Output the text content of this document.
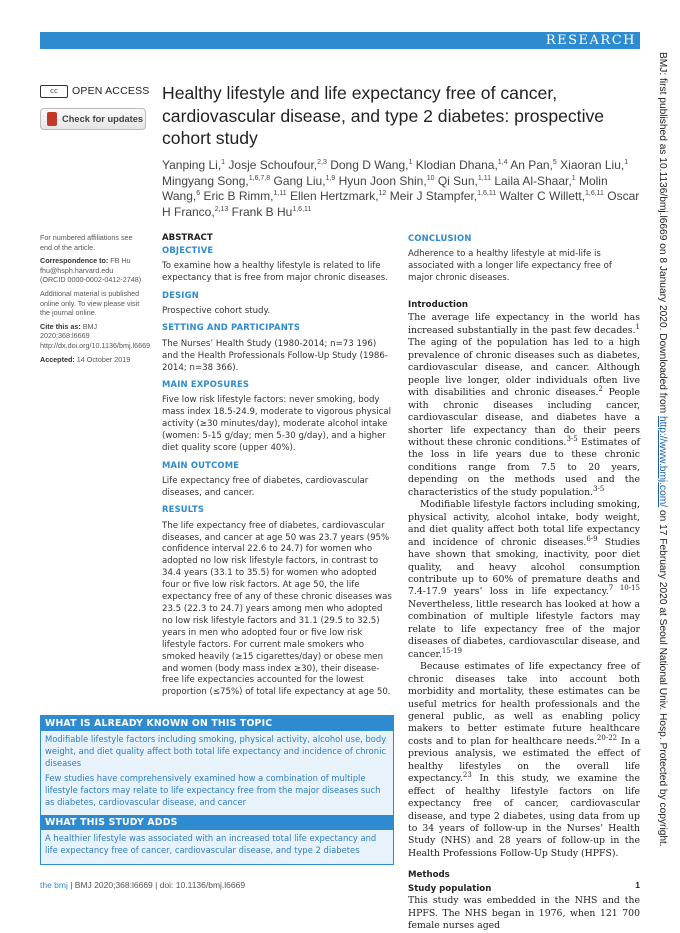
RESEARCH
BMJ: first published as 10.1136/bmj.l6669 on 8 January 2020. Downloaded from http://www.bmj.com/ on 17 February 2020 at Seoul National Univ. Hosp. Protected by copyright.
cc	OPEN ACCESS
Check for updates
Healthy lifestyle and life expectancy free of cancer, cardiovascular disease, and type 2 diabetes: prospective cohort study
Yanping Li,$^1$ Josje Schoufour,$^{2,3}$ Dong D Wang,$^1$ Klodian Dhana,$^{1,4}$ An Pan,$^5$ Xiaoran Liu,$^1$ Mingyang Song,$^{1,6,7,8}$ Gang Liu,$^{1,9}$ Hyun Joon Shin,$^{10}$ Qi Sun,$^{1,11}$ Laila Al-Shaar,$^1$ Molin Wang,$^6$ Eric B Rimm,$^{1,11}$ Ellen Hertzmark,$^{12}$ Meir J Stampfer,$^{1,6,11}$ Walter C Willett,$^{1,6,11}$ Oscar H Franco,$^{2,13}$ Frank B Hu$^{1,6,11}$

For numbered affiliations see end of the article.

Correspondence to: FB Hu
fhu@hsph.harvard.edu
(ORCID 0000-0002-0412-2748)

Additional material is published online only. To view please visit the journal online.

Cite this as: BMJ 2020;368:l6669
http://dx.doi.org/10.1136/bmj.l6669

Accepted: 14 October 2019

ABSTRACT

OBJECTIVE

To examine how a healthy lifestyle is related to life expectancy that is free from major chronic diseases.

DESIGN

Prospective cohort study.

SETTING AND PARTICIPANTS

The Nurses’ Health Study (1980-2014; n=73 196) and the Health Professionals Follow-Up Study (1986-2014; n=38 366).

MAIN EXPOSURES

Five low risk lifestyle factors: never smoking, body mass index 18.5-24.9, moderate to vigorous physical activity (≥30 minutes/day), moderate alcohol intake (women: 5-15 g/day; men 5-30 g/day), and a higher diet quality score (upper 40%).

MAIN OUTCOME

Life expectancy free of diabetes, cardiovascular diseases, and cancer.

RESULTS

The life expectancy free of diabetes, cardiovascular diseases, and cancer at age 50 was 23.7 years (95% confidence interval 22.6 to 24.7) for women who adopted no low risk lifestyle factors, in contrast to 34.4 years (33.1 to 35.5) for women who adopted four or five low risk factors. At age 50, the life expectancy free of any of these chronic diseases was 23.5 (22.3 to 24.7) years among men who adopted no low risk lifestyle factors and 31.1 (29.5 to 32.5) years in men who adopted four or five low risk lifestyle factors. For current male smokers who smoked heavily (≥15 cigarettes/day) or obese men and women (body mass index ≥30), their disease-free life expectancies accounted for the lowest proportion (≤75%) of total life expectancy at age 50.

CONCLUSION

Adherence to a healthy lifestyle at mid-life is associated with a longer life expectancy free of major chronic diseases.

Introduction

The average life expectancy in the world has increased substantially in the past few decades.$^1$ The aging of the population has led to a high prevalence of chronic diseases such as diabetes, cardiovascular disease, and cancer. Although people live longer, older individuals often live with disabilities and chronic diseases.$^2$ People with chronic diseases including cancer, cardiovascular disease, and diabetes have a shorter life expectancy than do their peers without these chronic conditions.$^{3-5}$ Estimates of the loss in life years due to these chronic conditions range from 7.5 to 20 years, depending on the methods used and the characteristics of the study population.$^{3-5}$

Modifiable lifestyle factors including smoking, physical activity, alcohol intake, body weight, and diet quality affect both total life expectancy and incidence of chronic diseases.$^{6-9}$ Studies have shown that smoking, inactivity, poor diet quality, and heavy alcohol consumption contribute up to 60% of premature deaths and 7.4-17.9 years’ loss in life expectancy.$^{7 10-15}$ Nevertheless, little research has looked at how a combination of multiple lifestyle factors may relate to life expectancy free of the major diseases of diabetes, cardiovascular disease, and cancer.$^{15-19}$

Because estimates of life expectancy free of chronic diseases take into account both morbidity and mortality, these estimates can be useful metrics for health professionals and the general public, as well as enabling policy makers to better estimate future healthcare costs and to plan for healthcare needs.$^{20-22}$ In a previous analysis, we estimated the effect of healthy lifestyles on the overall life expectancy.$^{23}$ In this study, we examine the effect of healthy lifestyle factors on life expectancy free of cancer, cardiovascular disease, and type 2 diabetes, using data from up to 34 years of follow-up in the Nurses’ Health Study (NHS) and 28 years of follow-up in the Health Professions Follow-Up Study (HPFS).

Methods
Study population

This study was embedded in the NHS and the HPFS. The NHS began in 1976, when 121 700 female nurses aged

WHAT IS ALREADY KNOWN ON THIS TOPIC

Modifiable lifestyle factors including smoking, physical activity, alcohol use, body weight, and diet quality affect both total life expectancy and incidence of chronic diseases

Few studies have comprehensively examined how a combination of multiple lifestyle factors may relate to life expectancy free from the major diseases such as diabetes, cardiovascular disease, and cancer

WHAT THIS STUDY ADDS

A healthier lifestyle was associated with an increased total life expectancy and life expectancy free of cancer, cardiovascular disease, and type 2 diabetes

the bmj | BMJ 2020;368:l6669 | doi: 10.1136/bmj.l6669	1
